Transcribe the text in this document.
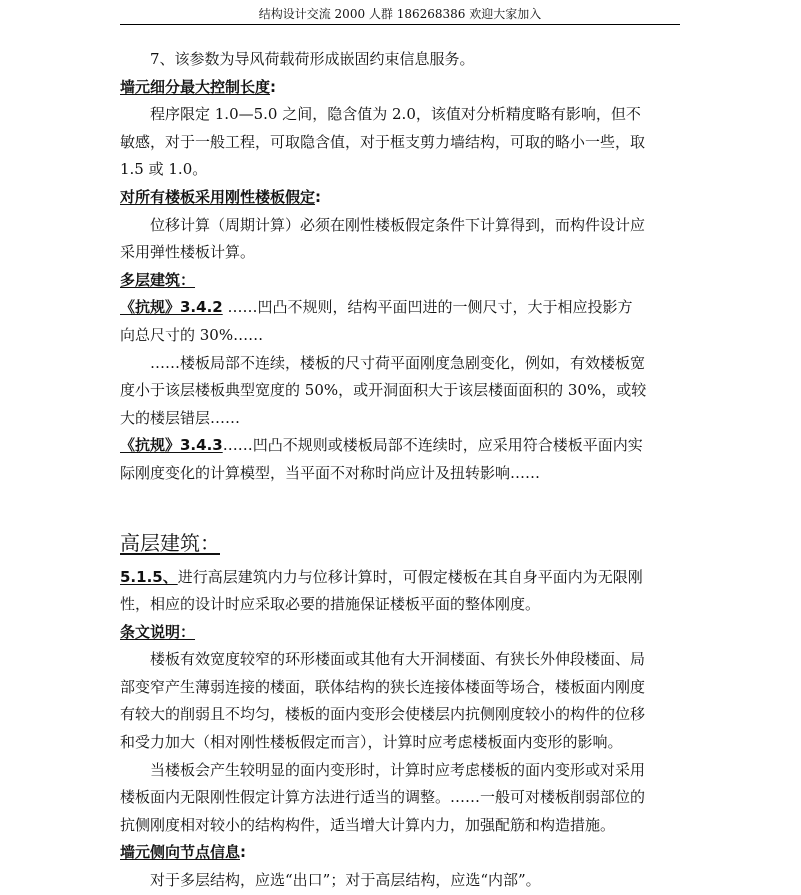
结构设计交流 2000 人群 186268386 欢迎大家加入
7、该参数为导风荷载荷形成嵌固约束信息服务。
墙元细分最大控制长度:
程序限定 1.0—5.0 之间，隐含值为 2.0，该值对分析精度略有影响，但不
敏感，对于一般工程，可取隐含值，对于框支剪力墙结构，可取的略小一些，取
1.5 或 1.0。
对所有楼板采用刚性楼板假定:
位移计算（周期计算）必须在刚性楼板假定条件下计算得到，而构件设计应
采用弹性楼板计算。
多层建筑：
《抗规》3.4.2 ……凹凸不规则，结构平面凹进的一侧尺寸，大于相应投影方
向总尺寸的 30%……
……楼板局部不连续，楼板的尺寸荷平面刚度急剧变化，例如，有效楼板宽
度小于该层楼板典型宽度的 50%，或开洞面积大于该层楼面面积的 30%，或较
大的楼层错层……
《抗规》3.4.3……凹凸不规则或楼板局部不连续时，应采用符合楼板平面内实
际刚度变化的计算模型，当平面不对称时尚应计及扭转影响……
高层建筑：
5.1.5、进行高层建筑内力与位移计算时，可假定楼板在其自身平面内为无限刚
性，相应的设计时应采取必要的措施保证楼板平面的整体刚度。
条文说明：
楼板有效宽度较窄的环形楼面或其他有大开洞楼面、有狭长外伸段楼面、局
部变窄产生薄弱连接的楼面，联体结构的狭长连接体楼面等场合，楼板面内刚度
有较大的削弱且不均匀，楼板的面内变形会使楼层内抗侧刚度较小的构件的位移
和受力加大（相对刚性楼板假定而言），计算时应考虑楼板面内变形的影响。
当楼板会产生较明显的面内变形时，计算时应考虑楼板的面内变形或对采用
楼板面内无限刚性假定计算方法进行适当的调整。……一般可对楼板削弱部位的
抗侧刚度相对较小的结构构件，适当增大计算内力，加强配筋和构造措施。
墙元侧向节点信息:
对于多层结构，应选“出口”；对于高层结构，应选“内部”。
